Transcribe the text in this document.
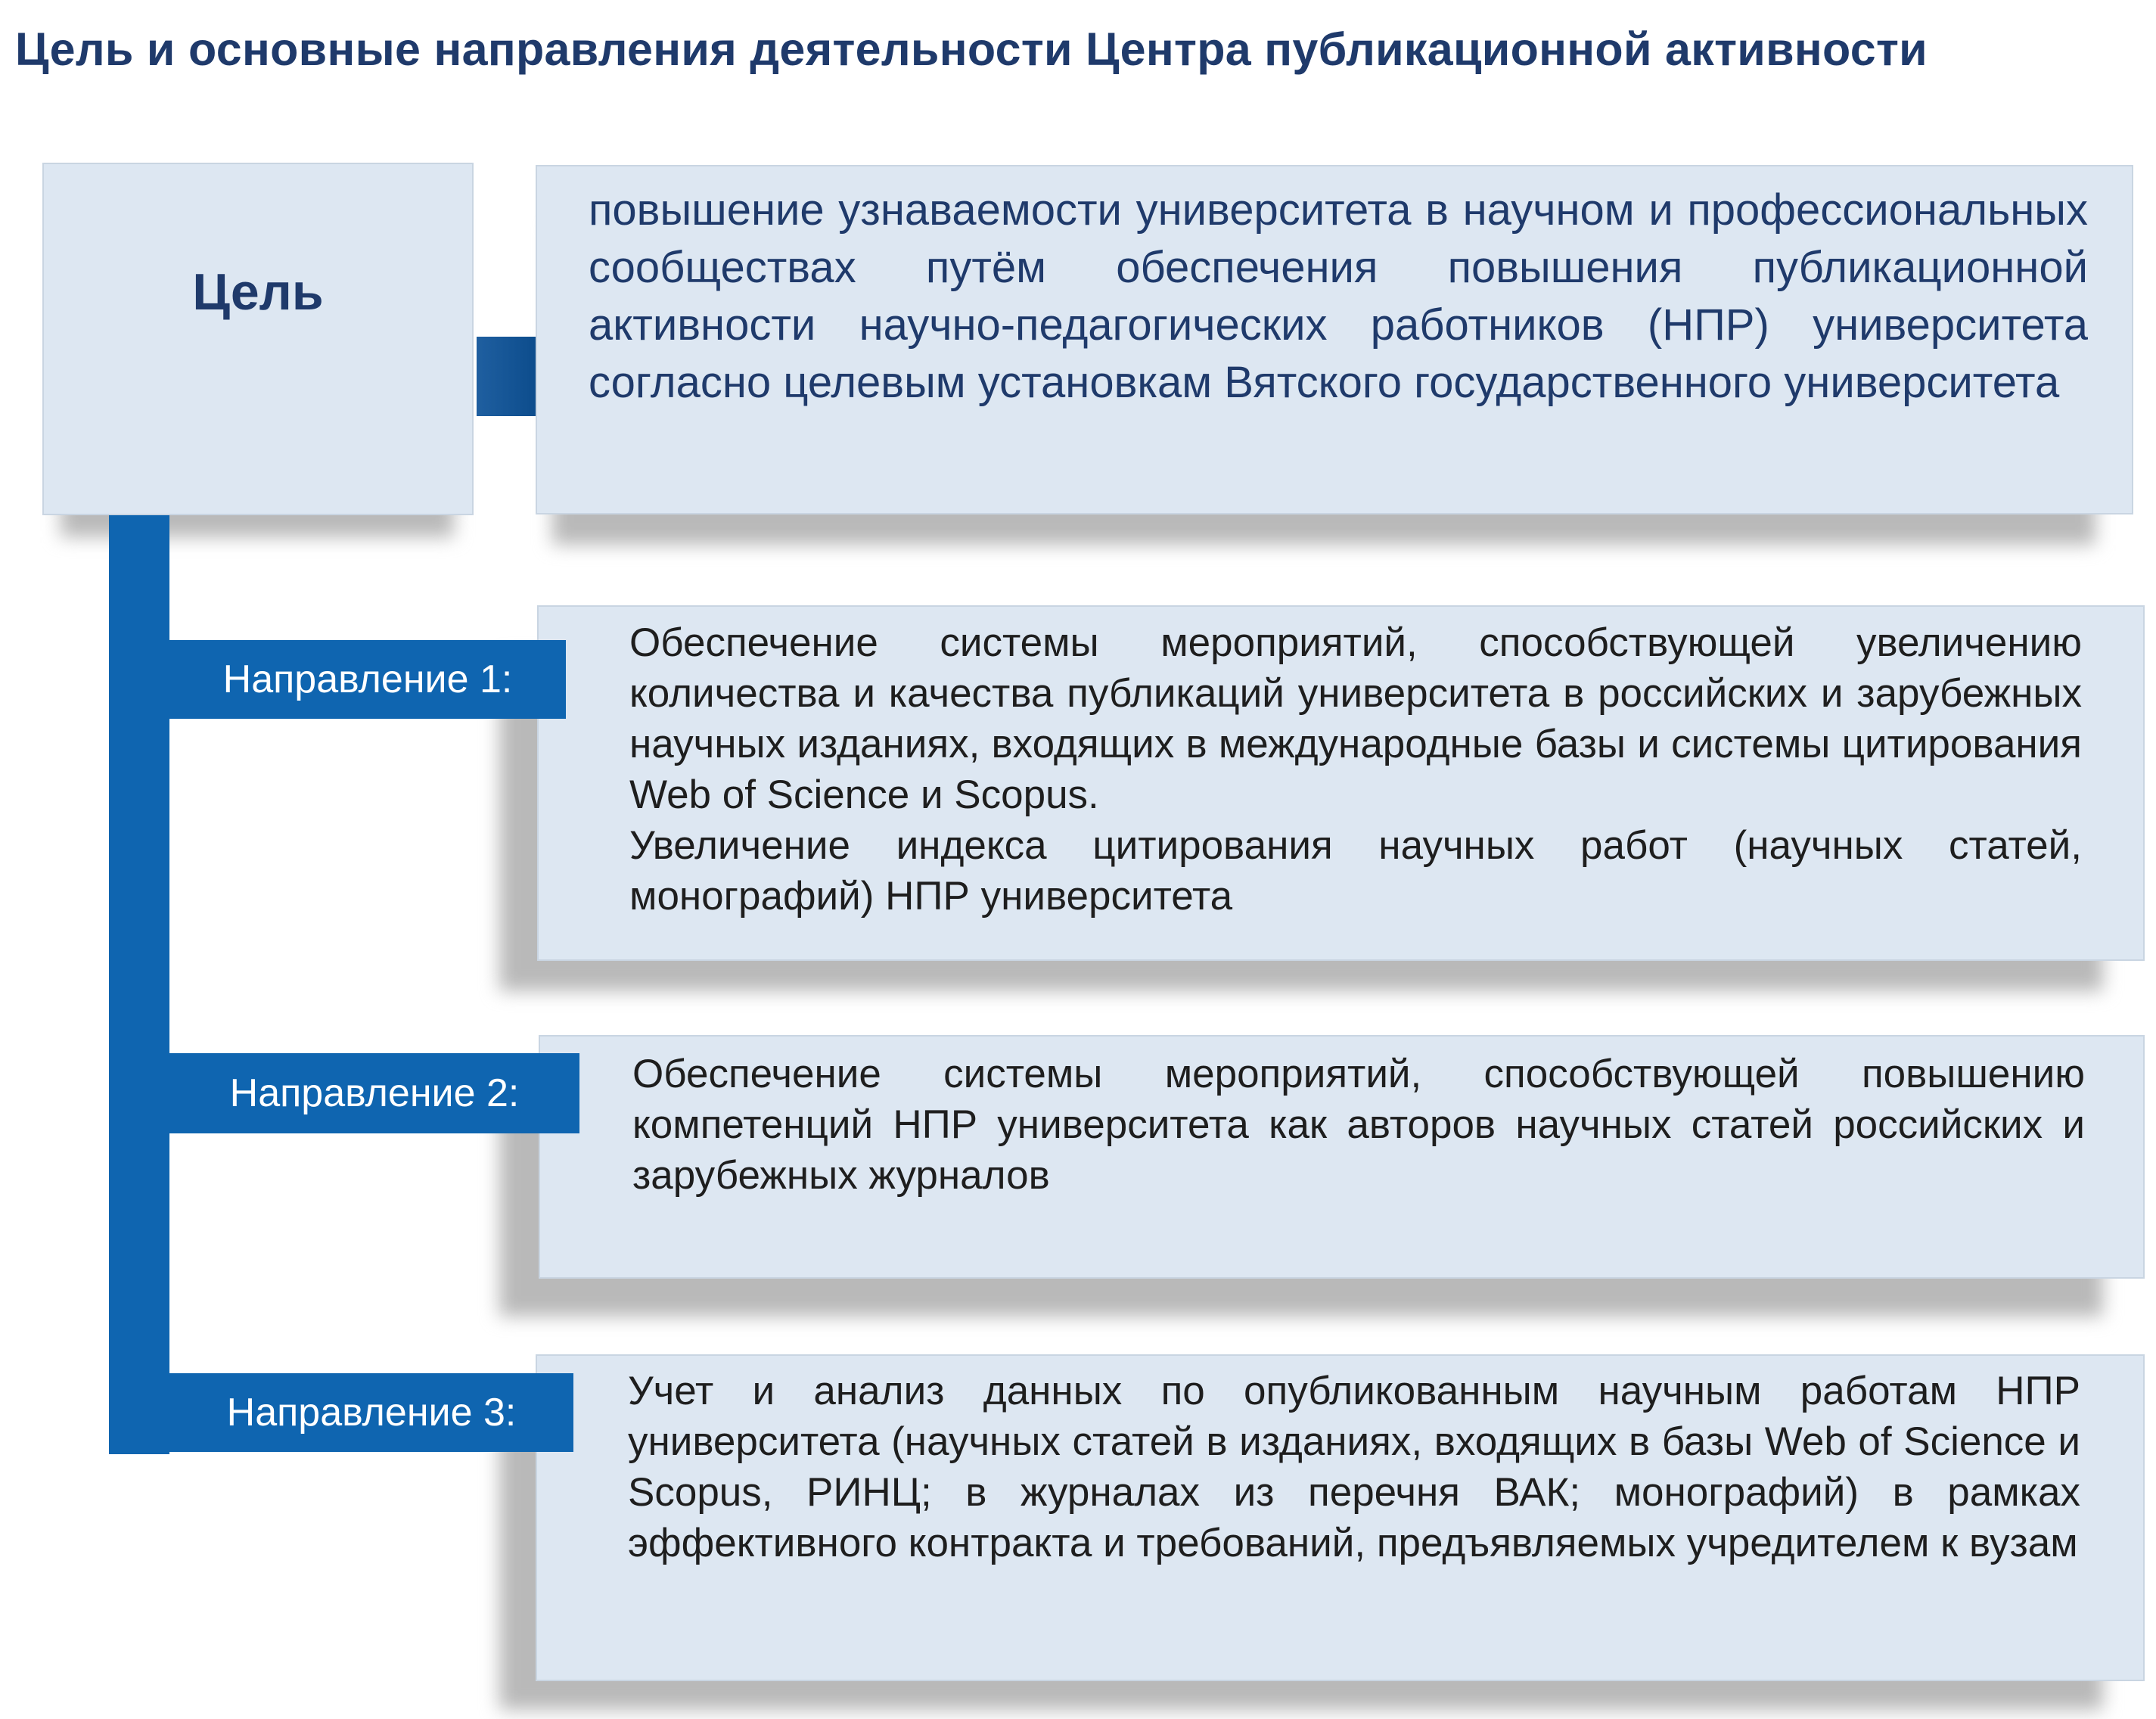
Цель и основные направления деятельности Центра публикационной активности
Цель
повышение узнаваемости университета в научном и профессиональных сообществах путём обеспечения повышения публикационной активности научно-педагогических работников (НПР) университета согласно целевым установкам Вятского государственного университета
Направление 1:
Обеспечение системы мероприятий, способствующей увеличению количества и качества публикаций университета в российских и зарубежных научных изданиях, входящих в международные базы и системы цитирования Web of Science и Scopus.
Увеличение индекса цитирования научных работ (научных статей, монографий) НПР университета
Направление 2:	Обеспечение системы мероприятий, способствующей повышению компетенций НПР университета как авторов научных статей российских и зарубежных журналов
Направление 3:	Учет и анализ данных по опубликованным научным работам НПР университета (научных статей в изданиях, входящих в базы Web of Science и Scopus, РИНЦ; в журналах из перечня ВАК; монографий) в рамках эффективного контракта и требований, предъявляемых учредителем к вузам
